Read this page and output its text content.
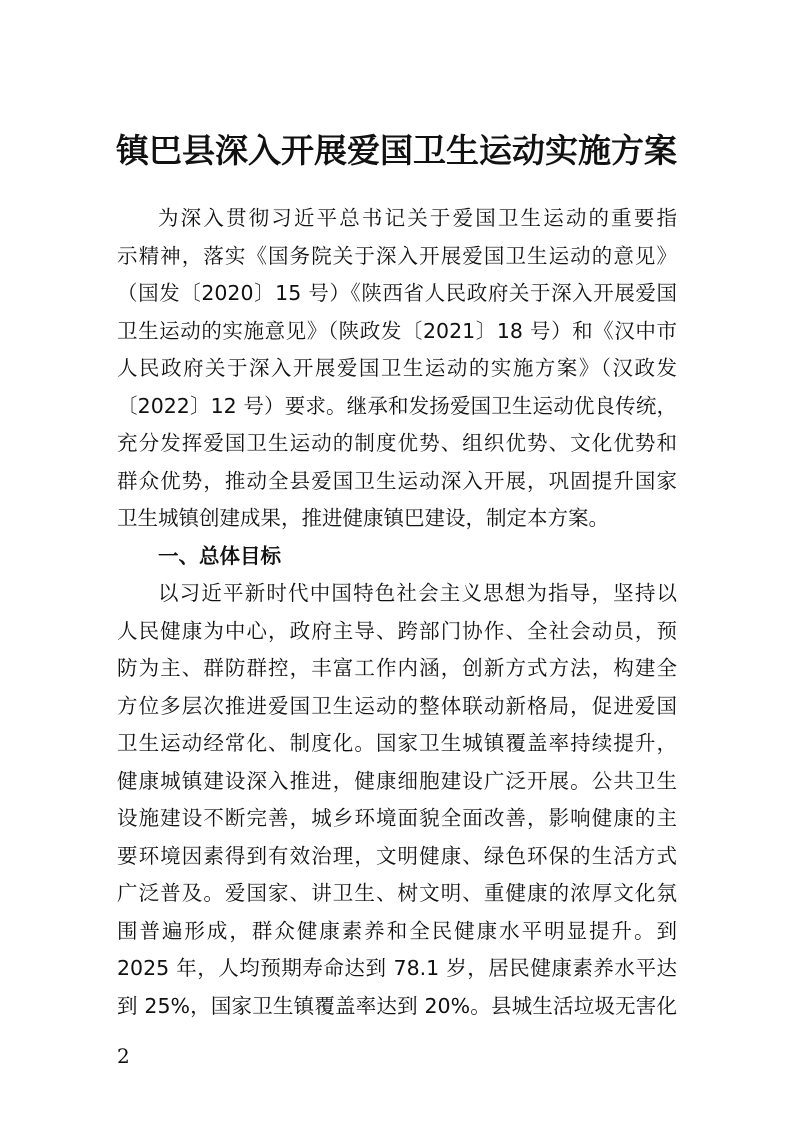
镇巴县深入开展爱国卫生运动实施方案
为深入贯彻习近平总书记关于爱国卫生运动的重要指
示精神，落实《国务院关于深入开展爱国卫生运动的意见》
（国发〔2020〕15 号）《陕西省人民政府关于深入开展爱国
卫生运动的实施意见》（陕政发〔2021〕18 号）和《汉中市
人民政府关于深入开展爱国卫生运动的实施方案》（汉政发
〔2022〕12 号）要求。继承和发扬爱国卫生运动优良传统，
充分发挥爱国卫生运动的制度优势、组织优势、文化优势和
群众优势，推动全县爱国卫生运动深入开展，巩固提升国家
卫生城镇创建成果，推进健康镇巴建设，制定本方案。
一、总体目标
以习近平新时代中国特色社会主义思想为指导，坚持以
人民健康为中心，政府主导、跨部门协作、全社会动员，预
防为主、群防群控，丰富工作内涵，创新方式方法，构建全
方位多层次推进爱国卫生运动的整体联动新格局，促进爱国
卫生运动经常化、制度化。国家卫生城镇覆盖率持续提升，
健康城镇建设深入推进，健康细胞建设广泛开展。公共卫生
设施建设不断完善，城乡环境面貌全面改善，影响健康的主
要环境因素得到有效治理，文明健康、绿色环保的生活方式
广泛普及。爱国家、讲卫生、树文明、重健康的浓厚文化氛
围普遍形成，群众健康素养和全民健康水平明显提升。到
2025 年，人均预期寿命达到 78.1 岁，居民健康素养水平达
到 25%，国家卫生镇覆盖率达到 20%。县城生活垃圾无害化
2
